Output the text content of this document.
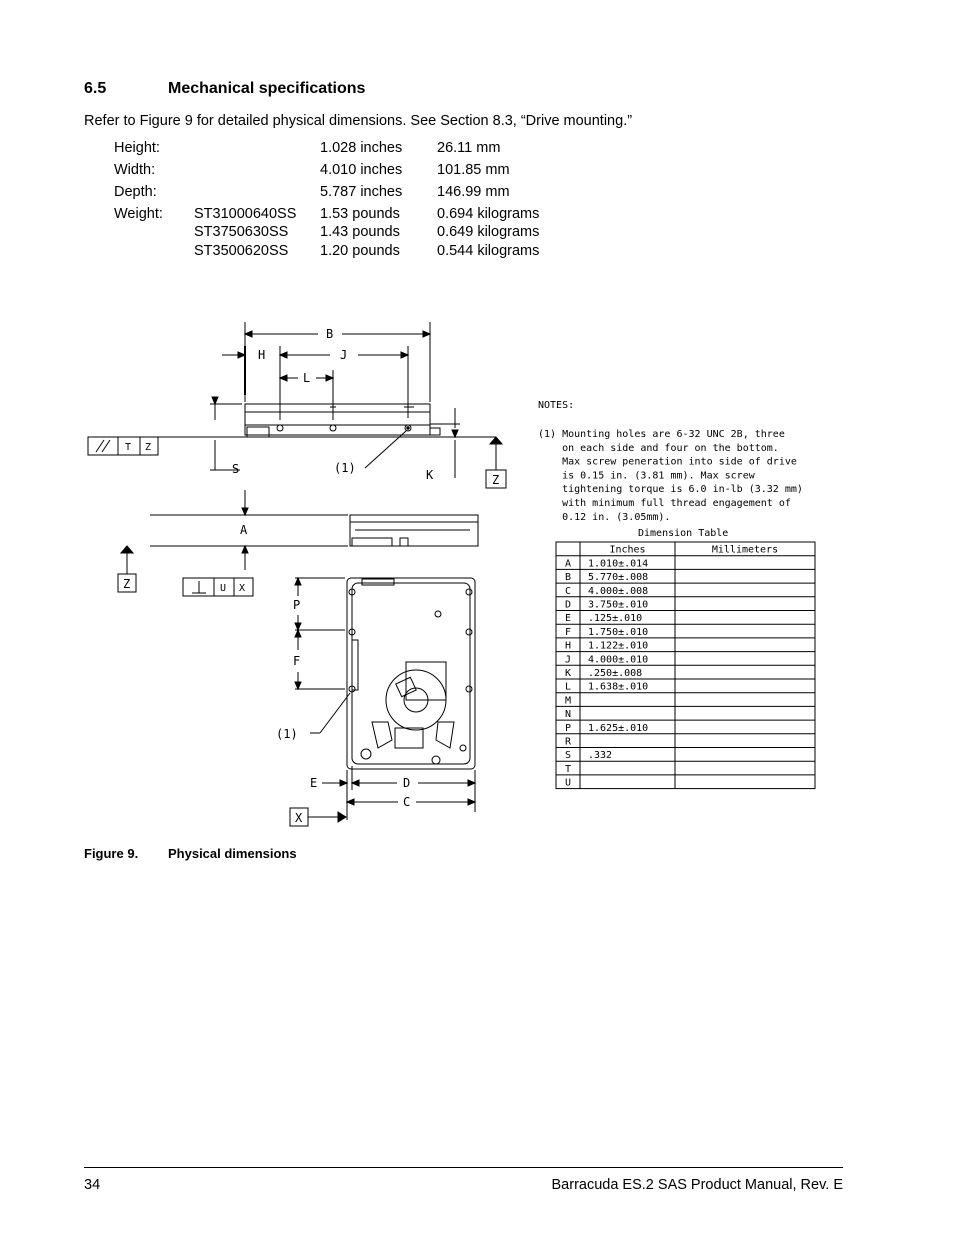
6.5	Mechanical specifications
Refer to Figure 9 for detailed physical dimensions. See Section 8.3, “Drive mounting.”
Height:	1.028 inches 26.11 mm
Width:	4.010 inches 101.85 mm
Depth:	5.787 inches 146.99 mm
Weight: ST31000640SS 1.53 pounds	0.694 kilograms
ST3750630SS 1.43 pounds	0.649 kilograms
ST3500620SS 1.20 pounds	0.544 kilograms
B
H	J
L
S	K
(1)
Z
A
Z
P
F
(1)
E	D
C
X
T Z
U X
NOTES:
(1) Mounting holes are 6-32 UNC 2B, three
on each side and four on the bottom.
Max screw peneration into side of drive
is 0.15 in. (3.81 mm). Max screw
tightening torque is 6.0 in-lb (3.32 mm)
with minimum full thread engagement of
0.12 in. (3.05mm).
Dimension Table
Inches	Millimeters
A 1.010±.014
B 5.770±.008
C 4.000±.008
D 3.750±.010
E .125±.010
F 1.750±.010
H 1.122±.010
J 4.000±.010
K .250±.008
L 1.638±.010
M
N
P 1.625±.010
R
S .332
T
U
Figure 9. Physical dimensions
34	Barracuda ES.2 SAS Product Manual, Rev. E
